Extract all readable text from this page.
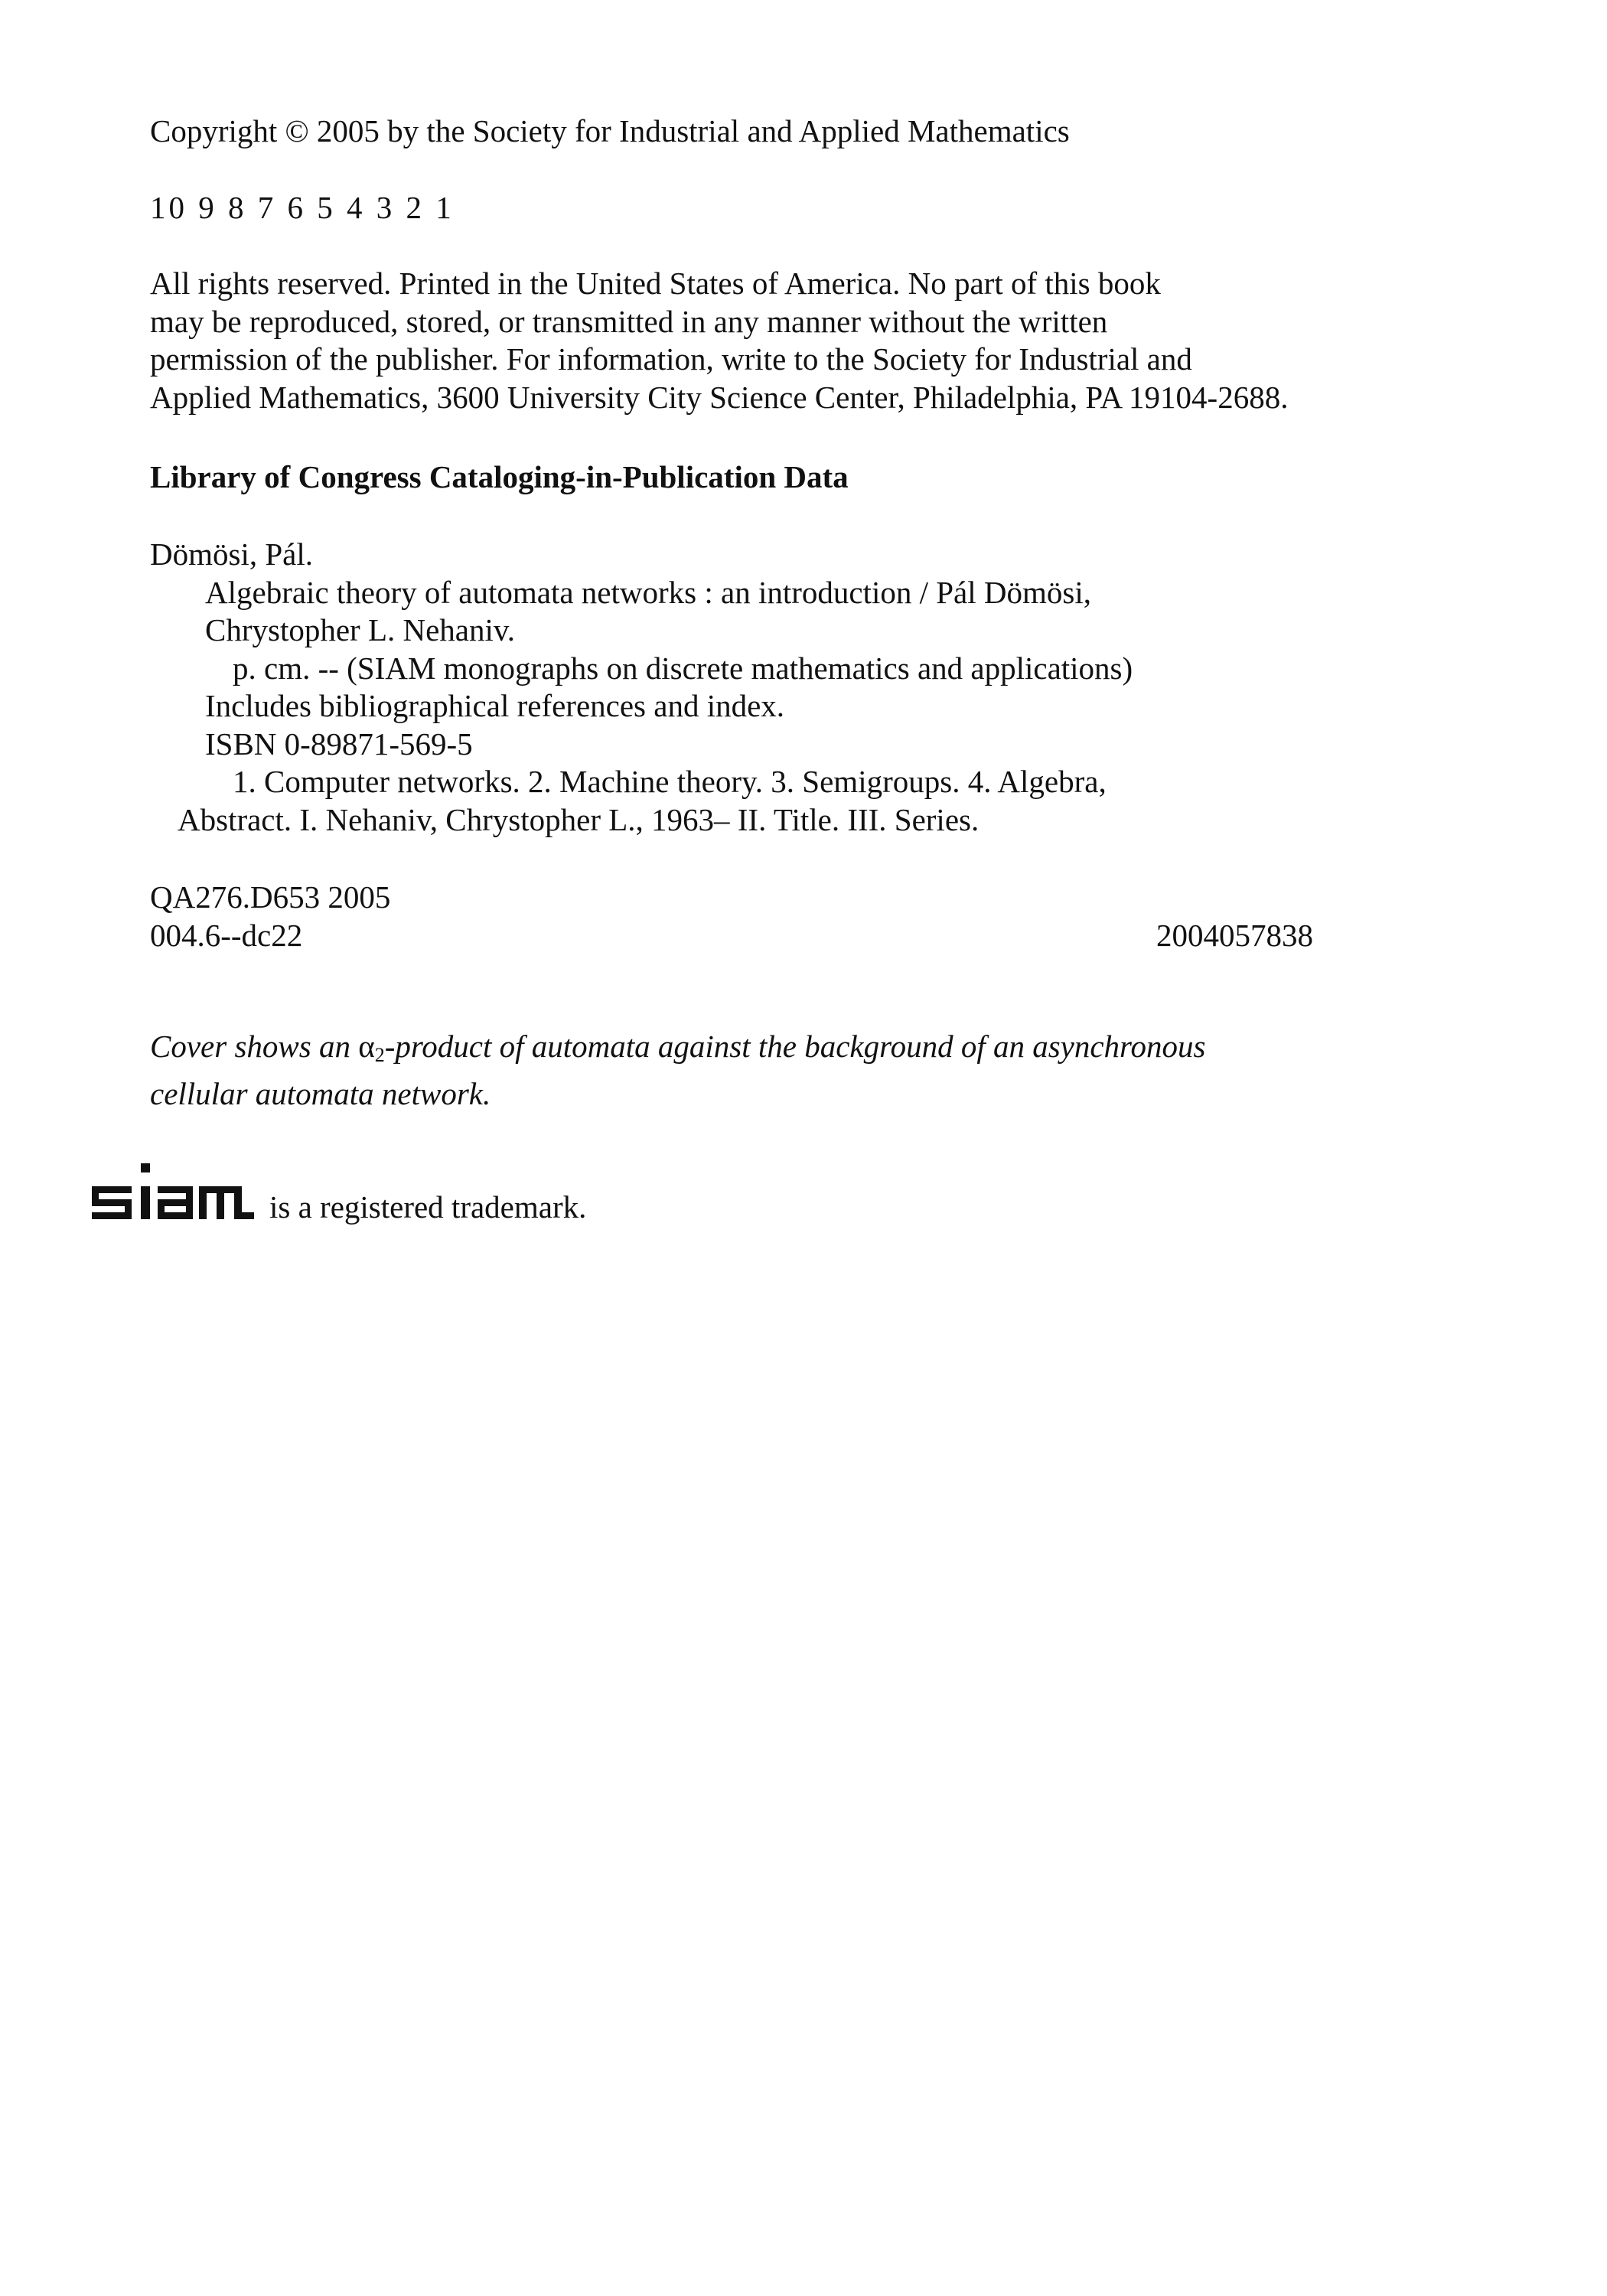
Copyright © 2005 by the Society for Industrial and Applied Mathematics

10 9 8 7 6 5 4 3 2 1

All rights reserved. Printed in the United States of America. No part of this book
may be reproduced, stored, or transmitted in any manner without the written
permission of the publisher. For information, write to the Society for Industrial and
Applied Mathematics, 3600 University City Science Center, Philadelphia, PA 19104-2688.
Library of Congress Cataloging-in-Publication Data
Dömösi, Pál.
Algebraic theory of automata networks : an introduction / Pál Dömösi,
Chrystopher L. Nehaniv.
p. cm. -- (SIAM monographs on discrete mathematics and applications)
Includes bibliographical references and index.
ISBN 0-89871-569-5
1. Computer networks. 2. Machine theory. 3. Semigroups. 4. Algebra,
Abstract. I. Nehaniv, Chrystopher L., 1963– II. Title. III. Series.
QA276.D653 2005
004.6--dc22	2004057838
Cover shows an $\alpha_2$-product of automata against the background of an asynchronous
cellular automata network.
is a registered trademark.
